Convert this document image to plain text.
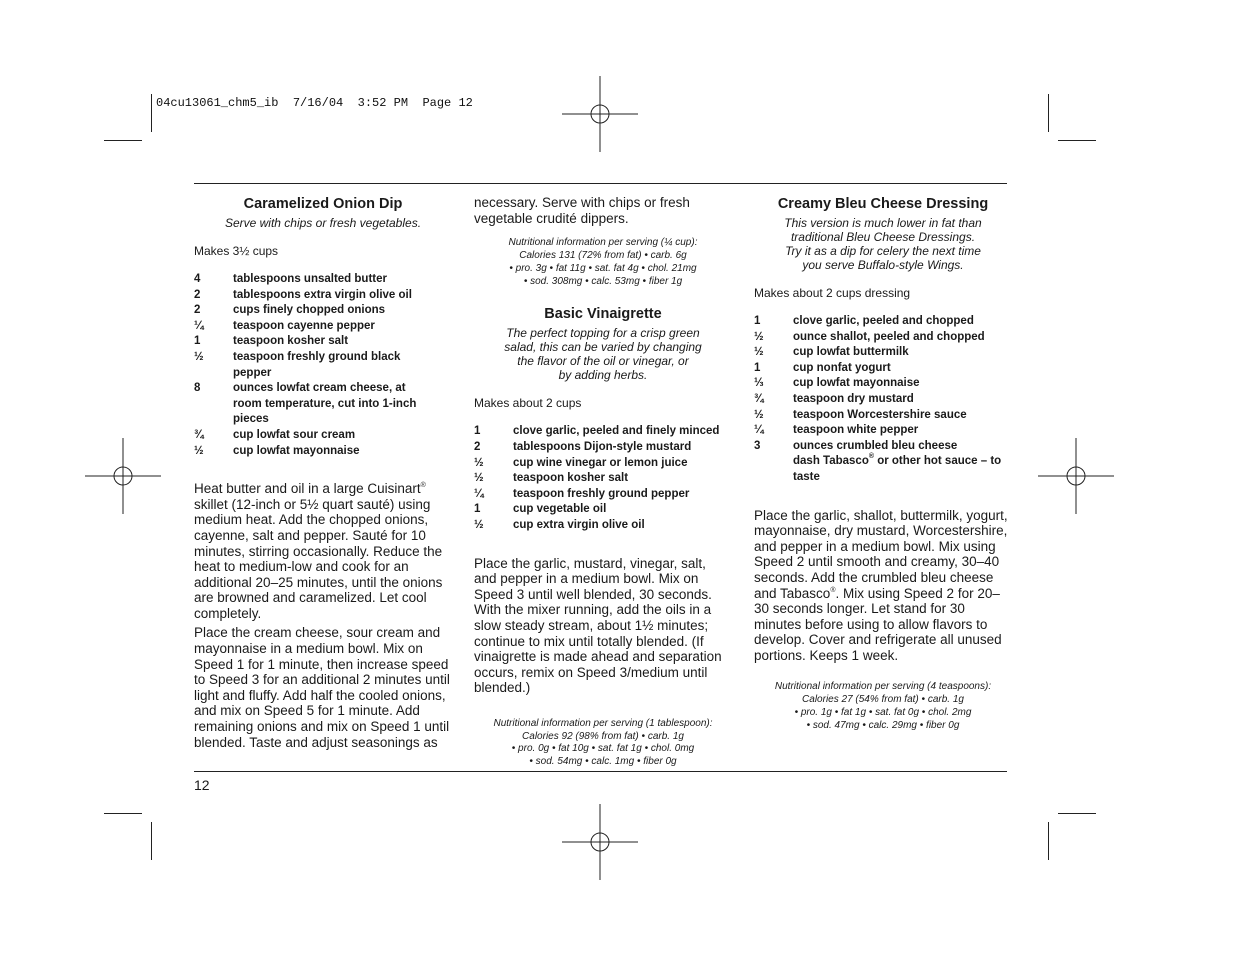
04cu13061_chm5_ib  7/16/04  3:52 PM  Page 12
Caramelized Onion Dip
Serve with chips or fresh vegetables.
Makes 3½ cups
4	tablespoons unsalted butter
2	tablespoons extra virgin olive oil
2	cups finely chopped onions
¼	teaspoon cayenne pepper
1	teaspoon kosher salt
½	teaspoon freshly ground black pepper
8	ounces lowfat cream cheese, at room temperature, cut into 1-inch pieces
¾	cup lowfat sour cream
½	cup lowfat mayonnaise

Heat butter and oil in a large Cuisinart® skillet (12-inch or 5½ quart sauté) using medium heat. Add the chopped onions, cayenne, salt and pepper. Sauté for 10 minutes, stirring occasionally. Reduce the heat to medium-low and cook for an additional 20–25 minutes, until the onions are browned and caramelized. Let cool completely.

Place the cream cheese, sour cream and mayonnaise in a medium bowl. Mix on Speed 1 for 1 minute, then increase speed to Speed 3 for an additional 2 minutes until light and fluffy. Add half the cooled onions, and mix on Speed 5 for 1 minute. Add remaining onions and mix on Speed 1 until blended. Taste and adjust seasonings as

necessary. Serve with chips or fresh vegetable crudité dippers.

Nutritional information per serving (¼ cup):
Calories 131 (72% from fat) • carb. 6g
• pro. 3g • fat 11g • sat. fat 4g • chol. 21mg
• sod. 308mg • calc. 53mg • fiber 1g
Basic Vinaigrette
The perfect topping for a crisp green
salad, this can be varied by changing
the flavor of the oil or vinegar, or
by adding herbs.
Makes about 2 cups
1	clove garlic, peeled and finely minced
2	tablespoons Dijon-style mustard
½	cup wine vinegar or lemon juice
½	teaspoon kosher salt
¼	teaspoon freshly ground pepper
1	cup vegetable oil
½	cup extra virgin olive oil

Place the garlic, mustard, vinegar, salt, and pepper in a medium bowl. Mix on Speed 3 until well blended, 30 seconds. With the mixer running, add the oils in a slow steady stream, about 1½ minutes; continue to mix until totally blended. (If vinaigrette is made ahead and separation occurs, remix on Speed 3/medium until blended.)

Nutritional information per serving (1 tablespoon):
Calories 92 (98% from fat) • carb. 1g
• pro. 0g • fat 10g • sat. fat 1g • chol. 0mg
• sod. 54mg • calc. 1mg • fiber 0g
Creamy Bleu Cheese Dressing
This version is much lower in fat than
traditional Bleu Cheese Dressings.
Try it as a dip for celery the next time
you serve Buffalo-style Wings.
Makes about 2 cups dressing
1	clove garlic, peeled and chopped
½	ounce shallot, peeled and chopped
½	cup lowfat buttermilk
1	cup nonfat yogurt
⅓	cup lowfat mayonnaise
¾	teaspoon dry mustard
½	teaspoon Worcestershire sauce
¼	teaspoon white pepper
3	ounces crumbled bleu cheese
dash Tabasco® or other hot sauce – to taste

Place the garlic, shallot, buttermilk, yogurt, mayonnaise, dry mustard, Worcestershire, and pepper in a medium bowl. Mix using Speed 2 until smooth and creamy, 30–40 seconds. Add the crumbled bleu cheese and Tabasco®. Mix using Speed 2 for 20–30 seconds longer. Let stand for 30 minutes before using to allow flavors to develop. Cover and refrigerate all unused portions. Keeps 1 week.

Nutritional information per serving (4 teaspoons):
Calories 27 (54% from fat) • carb. 1g
• pro. 1g • fat 1g • sat. fat 0g • chol. 2mg
• sod. 47mg • calc. 29mg • fiber 0g
12
